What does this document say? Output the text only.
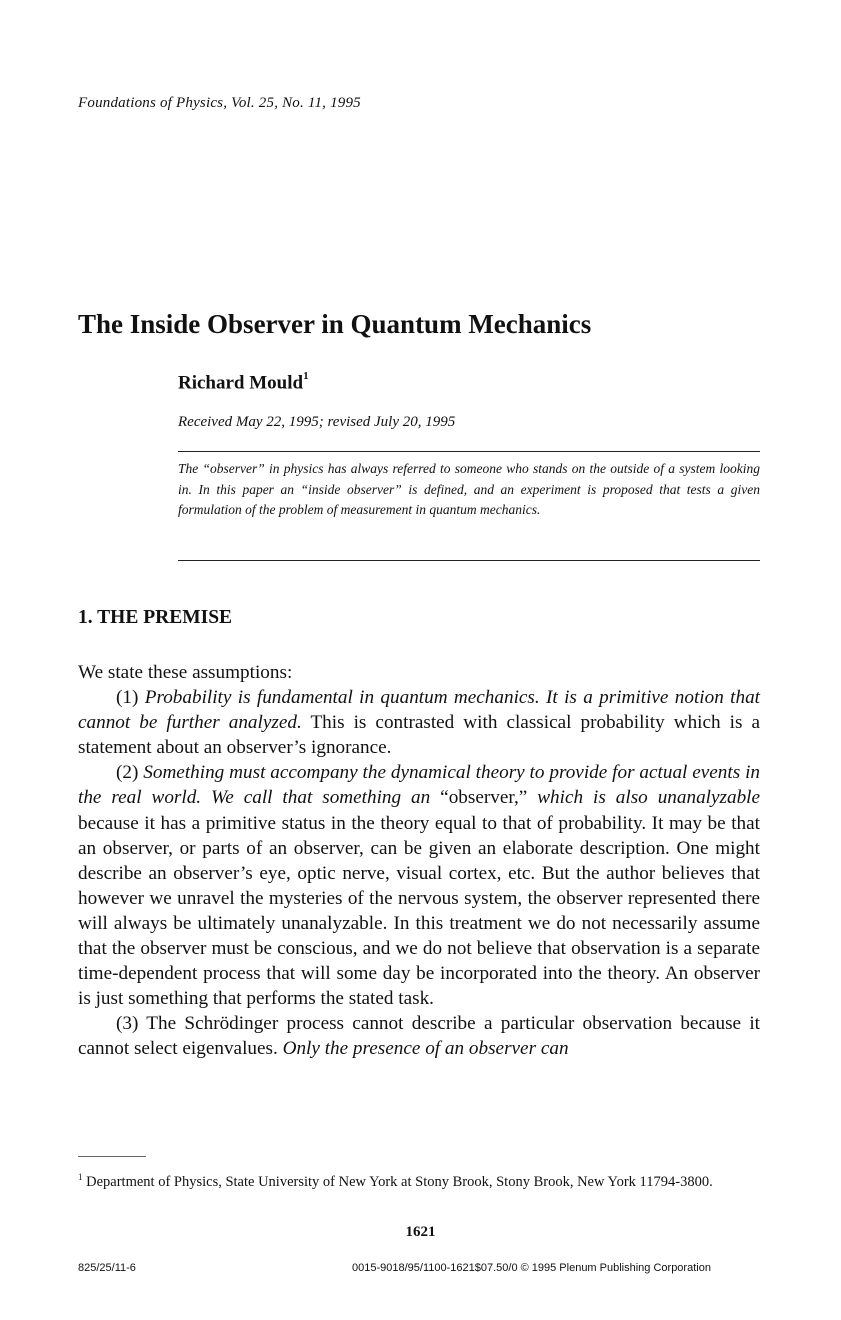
Foundations of Physics, Vol. 25, No. 11, 1995
The Inside Observer in Quantum Mechanics
Richard Mould$^1$
Received May 22, 1995; revised July 20, 1995
The “observer” in physics has always referred to someone who stands on the outside of a system looking in. In this paper an “inside observer” is defined, and an experiment is proposed that tests a given formulation of the problem of measurement in quantum mechanics.
1. THE PREMISE

We state these assumptions:

(1) Probability is fundamental in quantum mechanics. It is a primitive notion that cannot be further analyzed. This is contrasted with classical probability which is a statement about an observer’s ignorance.

(2) Something must accompany the dynamical theory to provide for actual events in the real world. We call that something an “observer,” which is also unanalyzable because it has a primitive status in the theory equal to that of probability. It may be that an observer, or parts of an observer, can be given an elaborate description. One might describe an observer’s eye, optic nerve, visual cortex, etc. But the author believes that however we unravel the mysteries of the nervous system, the observer represented there will always be ultimately unanalyzable. In this treatment we do not necessarily assume that the observer must be conscious, and we do not believe that observation is a separate time-dependent process that will some day be incorporated into the theory. An observer is just something that performs the stated task.

(3) The Schrödinger process cannot describe a particular observation because it cannot select eigenvalues. Only the presence of an observer can

$^1$ Department of Physics, State University of New York at Stony Brook, Stony Brook, New York 11794-3800.
1621
825/25/11-6	0015-9018/95/1100-1621$07.50/0 © 1995 Plenum Publishing Corporation
